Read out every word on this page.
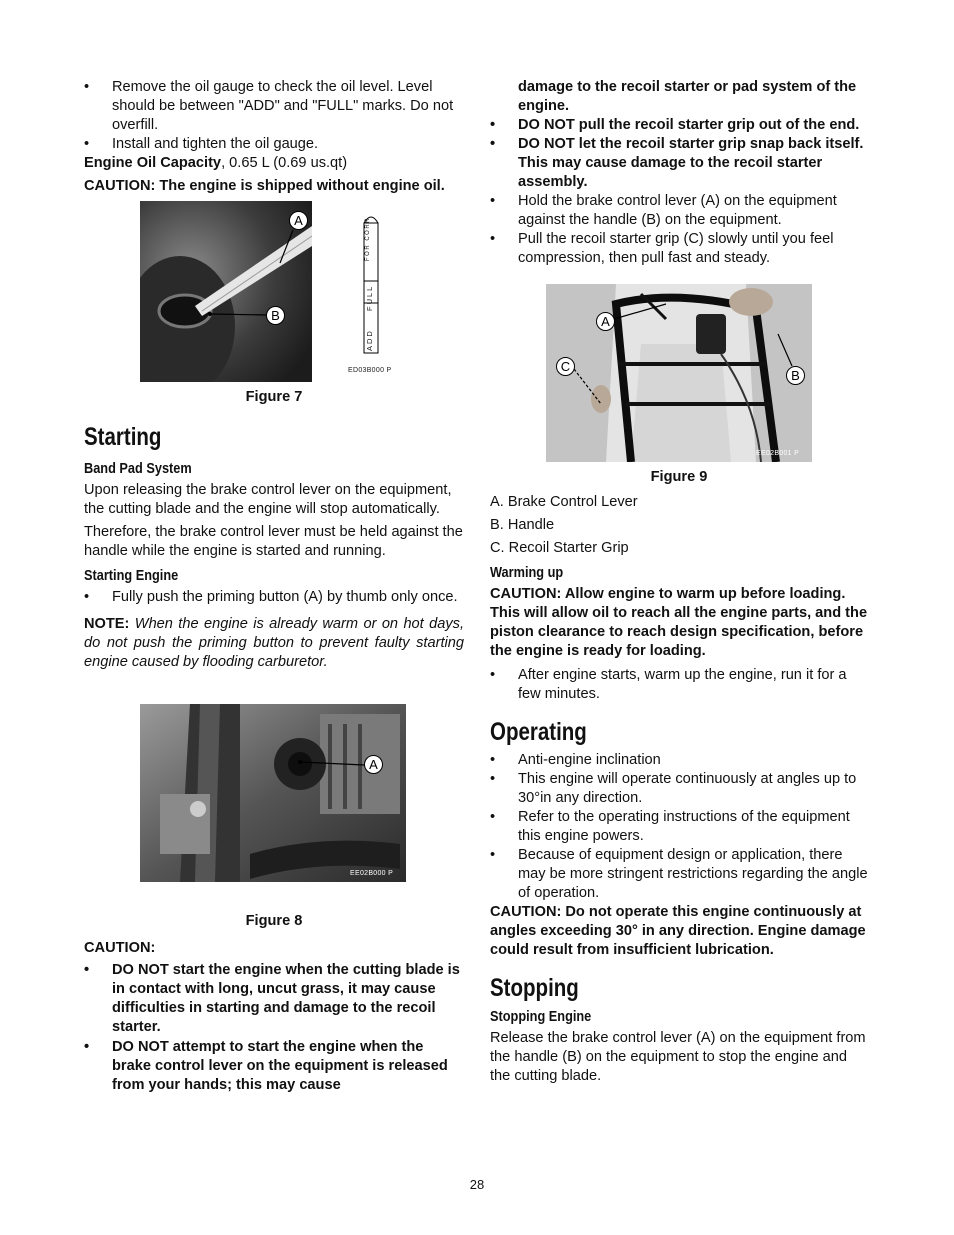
• Remove the oil gauge to check the oil level. Level should be between "ADD" and "FULL" marks. Do not overfill.
• Install and tighten the oil gauge.

Engine Oil Capacity, 0.65 L (0.69 us.qt)

CAUTION: The engine is shipped without engine oil.

FULL
ADD
FOR CORR
A
B
ED03B000 P

Figure 7

Starting
Band Pad System

Upon releasing the brake control lever on the equipment, the cutting blade and the engine will stop automatically.

Therefore, the brake control lever must be held against the handle while the engine is started and running.

Starting Engine
• Fully push the priming button (A) by thumb only once.

NOTE: When the engine is already warm or on hot days, do not push the priming button to prevent faulty starting engine caused by flooding carburetor.

A
EE02B000 P

Figure 8

CAUTION:

• DO NOT start the engine when the cutting blade is in contact with long, uncut grass, it may cause difficulties in starting and damage to the recoil starter.
• DO NOT attempt to start the engine when the brake control lever on the equipment is released from your hands; this may cause

damage to the recoil starter or pad system of the engine.

• DO NOT pull the recoil starter grip out of the end.
• DO NOT let the recoil starter grip snap back itself. This may cause damage to the recoil starter assembly.
• Hold the brake control lever (A) on the equipment against the handle (B) on the equipment.
• Pull the recoil starter grip (C) slowly until you feel compression, then pull fast and steady.
A
C
B
EE02B001 P

Figure 9

A. Brake Control Lever

B. Handle

C. Recoil Starter Grip

Warming up

CAUTION: Allow engine to warm up before loading. This will allow oil to reach all the engine parts, and the piston clearance to reach design specification, before the engine is ready for loading.

• After engine starts, warm up the engine, run it for a few minutes.
Operating
• Anti-engine inclination
• This engine will operate continuously at angles up to 30°in any direction.
• Refer to the operating instructions of the equipment this engine powers.
• Because of equipment design or application, there may be more stringent restrictions regarding the angle of operation.

CAUTION: Do not operate this engine continuously at angles exceeding 30° in any direction. Engine damage could result from insufficient lubrication.

Stopping
Stopping Engine

Release the brake control lever (A) on the equipment from the handle (B) on the equipment to stop the engine and the cutting blade.

28
